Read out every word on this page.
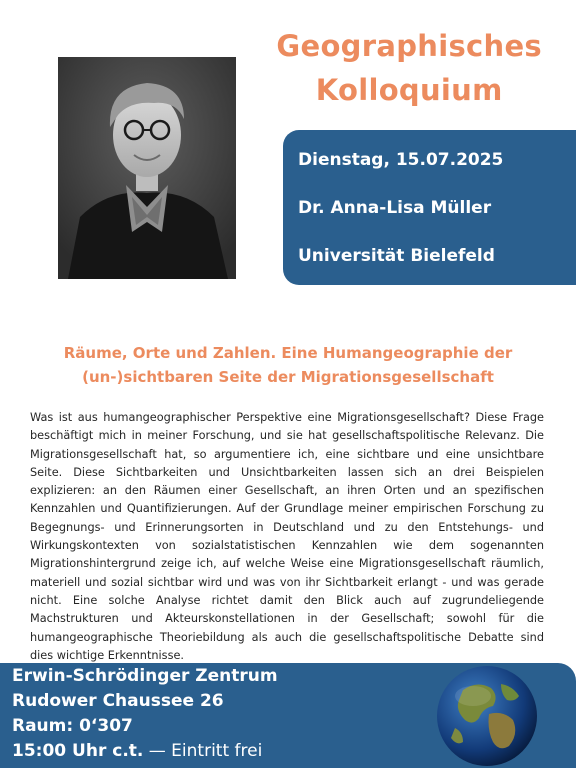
Geographisches
Kolloquium
Dienstag, 15.07.2025
Dr. Anna-Lisa Müller
Universität Bielefeld
Räume, Orte und Zahlen. Eine Humangeographie der
(un-)sichtbaren Seite der Migrationsgesellschaft
Was ist aus humangeographischer Perspektive eine Migrationsgesellschaft? Diese Frage beschäftigt mich in meiner Forschung, und sie hat gesellschaftspolitische Relevanz. Die Migrationsgesellschaft hat, so argumentiere ich, eine sichtbare und eine unsichtbare Seite. Diese Sichtbarkeiten und Unsichtbarkeiten lassen sich an drei Beispielen explizieren: an den Räumen einer Gesellschaft, an ihren Orten und an spezifischen Kennzahlen und Quantifizierungen. Auf der Grundlage meiner empirischen Forschung zu Begegnungs- und Erinnerungsorten in Deutschland und zu den Entstehungs- und Wirkungskontexten von sozialstatistischen Kennzahlen wie dem sogenannten Migrationshintergrund zeige ich, auf welche Weise eine Migrationsgesellschaft räumlich, materiell und sozial sichtbar wird und was von ihr Sichtbarkeit erlangt - und was gerade nicht. Eine solche Analyse richtet damit den Blick auch auf zugrundeliegende Machstrukturen und Akteurskonstellationen in der Gesellschaft; sowohl für die humangeographische Theoriebildung als auch die gesellschaftspolitische Debatte sind dies wichtige Erkenntnisse.
Erwin-Schrödinger Zentrum
Rudower Chaussee 26
Raum: 0‘307
15:00 Uhr c.t. — Eintritt frei
